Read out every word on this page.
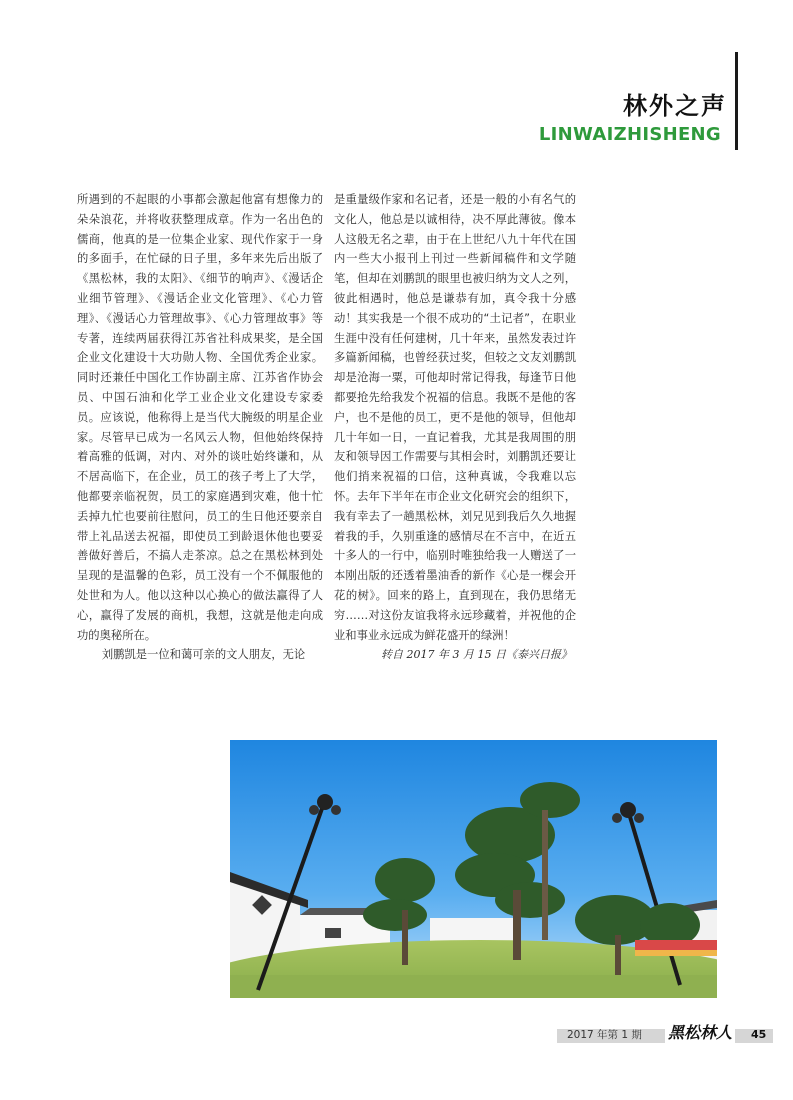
林外之声
LINWAIZHISHENG

所遇到的不起眼的小事都会激起他富有想像力的朵朵浪花，并将收获整理成章。作为一名出色的儒商，他真的是一位集企业家、现代作家于一身的多面手，在忙碌的日子里，多年来先后出版了《黑松林，我的太阳》、《细节的响声》、《漫话企业细节管理》、《漫话企业文化管理》、《心力管理》、《漫话心力管理故事》、《心力管理故事》等专著，连续两届获得江苏省社科成果奖，是全国企业文化建设十大功勋人物、全国优秀企业家。同时还兼任中国化工作协副主席、江苏省作协会员、中国石油和化学工业企业文化建设专家委员。应该说，他称得上是当代大腕级的明星企业家。尽管早已成为一名风云人物，但他始终保持着高雅的低调，对内、对外的谈吐始终谦和，从不居高临下，在企业，员工的孩子考上了大学，他都要亲临祝贺，员工的家庭遇到灾难，他十忙丢掉九忙也要前往慰问，员工的生日他还要亲自带上礼品送去祝福，即使员工到龄退休他也要妥善做好善后，不搞人走茶凉。总之在黑松林到处呈现的是温馨的色彩，员工没有一个不佩服他的处世和为人。他以这种以心换心的做法赢得了人心，赢得了发展的商机，我想，这就是他走向成功的奥秘所在。

刘鹏凯是一位和蔼可亲的文人朋友，无论

是重量级作家和名记者，还是一般的小有名气的文化人，他总是以诚相待，决不厚此薄彼。像本人这般无名之辈，由于在上世纪八九十年代在国内一些大小报刊上刊过一些新闻稿件和文学随笔，但却在刘鹏凯的眼里也被归纳为文人之列，彼此相遇时，他总是谦恭有加，真令我十分感动！其实我是一个很不成功的“土记者”，在职业生涯中没有任何建树，几十年来，虽然发表过许多篇新闻稿，也曾经获过奖，但较之文友刘鹏凯却是沧海一粟，可他却时常记得我，每逢节日他都要抢先给我发个祝福的信息。我既不是他的客户，也不是他的员工，更不是他的领导，但他却几十年如一日，一直记着我，尤其是我周围的朋友和领导因工作需要与其相会时，刘鹏凯还要让他们捎来祝福的口信，这种真诚，令我难以忘怀。去年下半年在市企业文化研究会的组织下，我有幸去了一趟黑松林，刘兄见到我后久久地握着我的手，久别重逢的感情尽在不言中，在近五十多人的一行中，临别时唯独给我一人赠送了一本刚出版的还透着墨油香的新作《心是一棵会开花的树》。回来的路上，直到现在，我仍思绪无穷……对这份友谊我将永远珍藏着，并祝他的企业和事业永远成为鲜花盛开的绿洲！

转自 2017 年 3 月 15 日《泰兴日报》

2017 年第 1 期 黑松林人 45
